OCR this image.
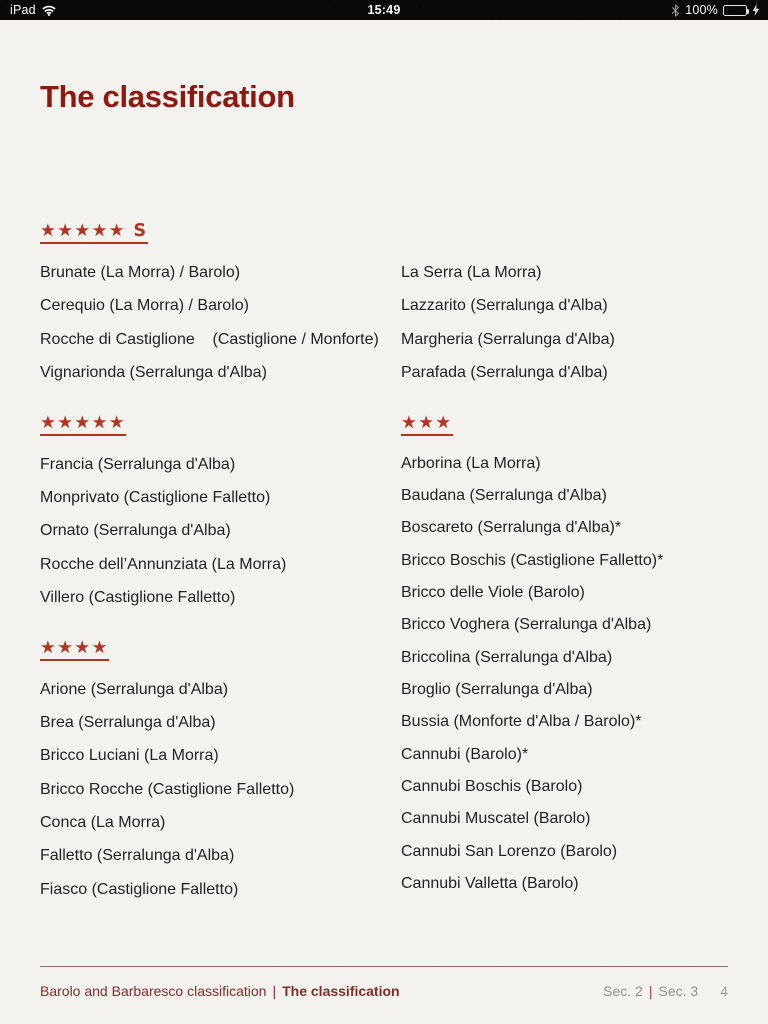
iPad	15:49	100%
The classification
★★★★★ S
Brunate (La Morra) / Barolo)
Cerequio (La Morra) / Barolo)
Rocche di Castiglione    (Castiglione / Monforte)
Vignarionda (Serralunga d'Alba)
★★★★★
Francia (Serralunga d'Alba)
Monprivato (Castiglione Falletto)
Ornato (Serralunga d'Alba)
Rocche dell’Annunziata (La Morra)
Villero (Castiglione Falletto)
★★★★
Arione (Serralunga d'Alba)
Brea (Serralunga d'Alba)
Bricco Luciani (La Morra)
Bricco Rocche (Castiglione Falletto)
Conca (La Morra)
Falletto (Serralunga d'Alba)
Fiasco (Castiglione Falletto)
La Serra (La Morra)
Lazzarito (Serralunga d'Alba)
Margheria (Serralunga d'Alba)
Parafada (Serralunga d'Alba)
★★★
Arborina (La Morra)
Baudana (Serralunga d'Alba)
Boscareto (Serralunga d'Alba)*
Bricco Boschis (Castiglione Falletto)*
Bricco delle Viole (Barolo)
Bricco Voghera (Serralunga d'Alba)
Briccolina (Serralunga d'Alba)
Broglio (Serralunga d'Alba)
Bussia (Monforte d'Alba / Barolo)*
Cannubi (Barolo)*
Cannubi Boschis (Barolo)
Cannubi Muscatel (Barolo)
Cannubi San Lorenzo (Barolo)
Cannubi Valletta (Barolo)
Barolo and Barbaresco classification | The classification	Sec. 2 | Sec. 3 4
